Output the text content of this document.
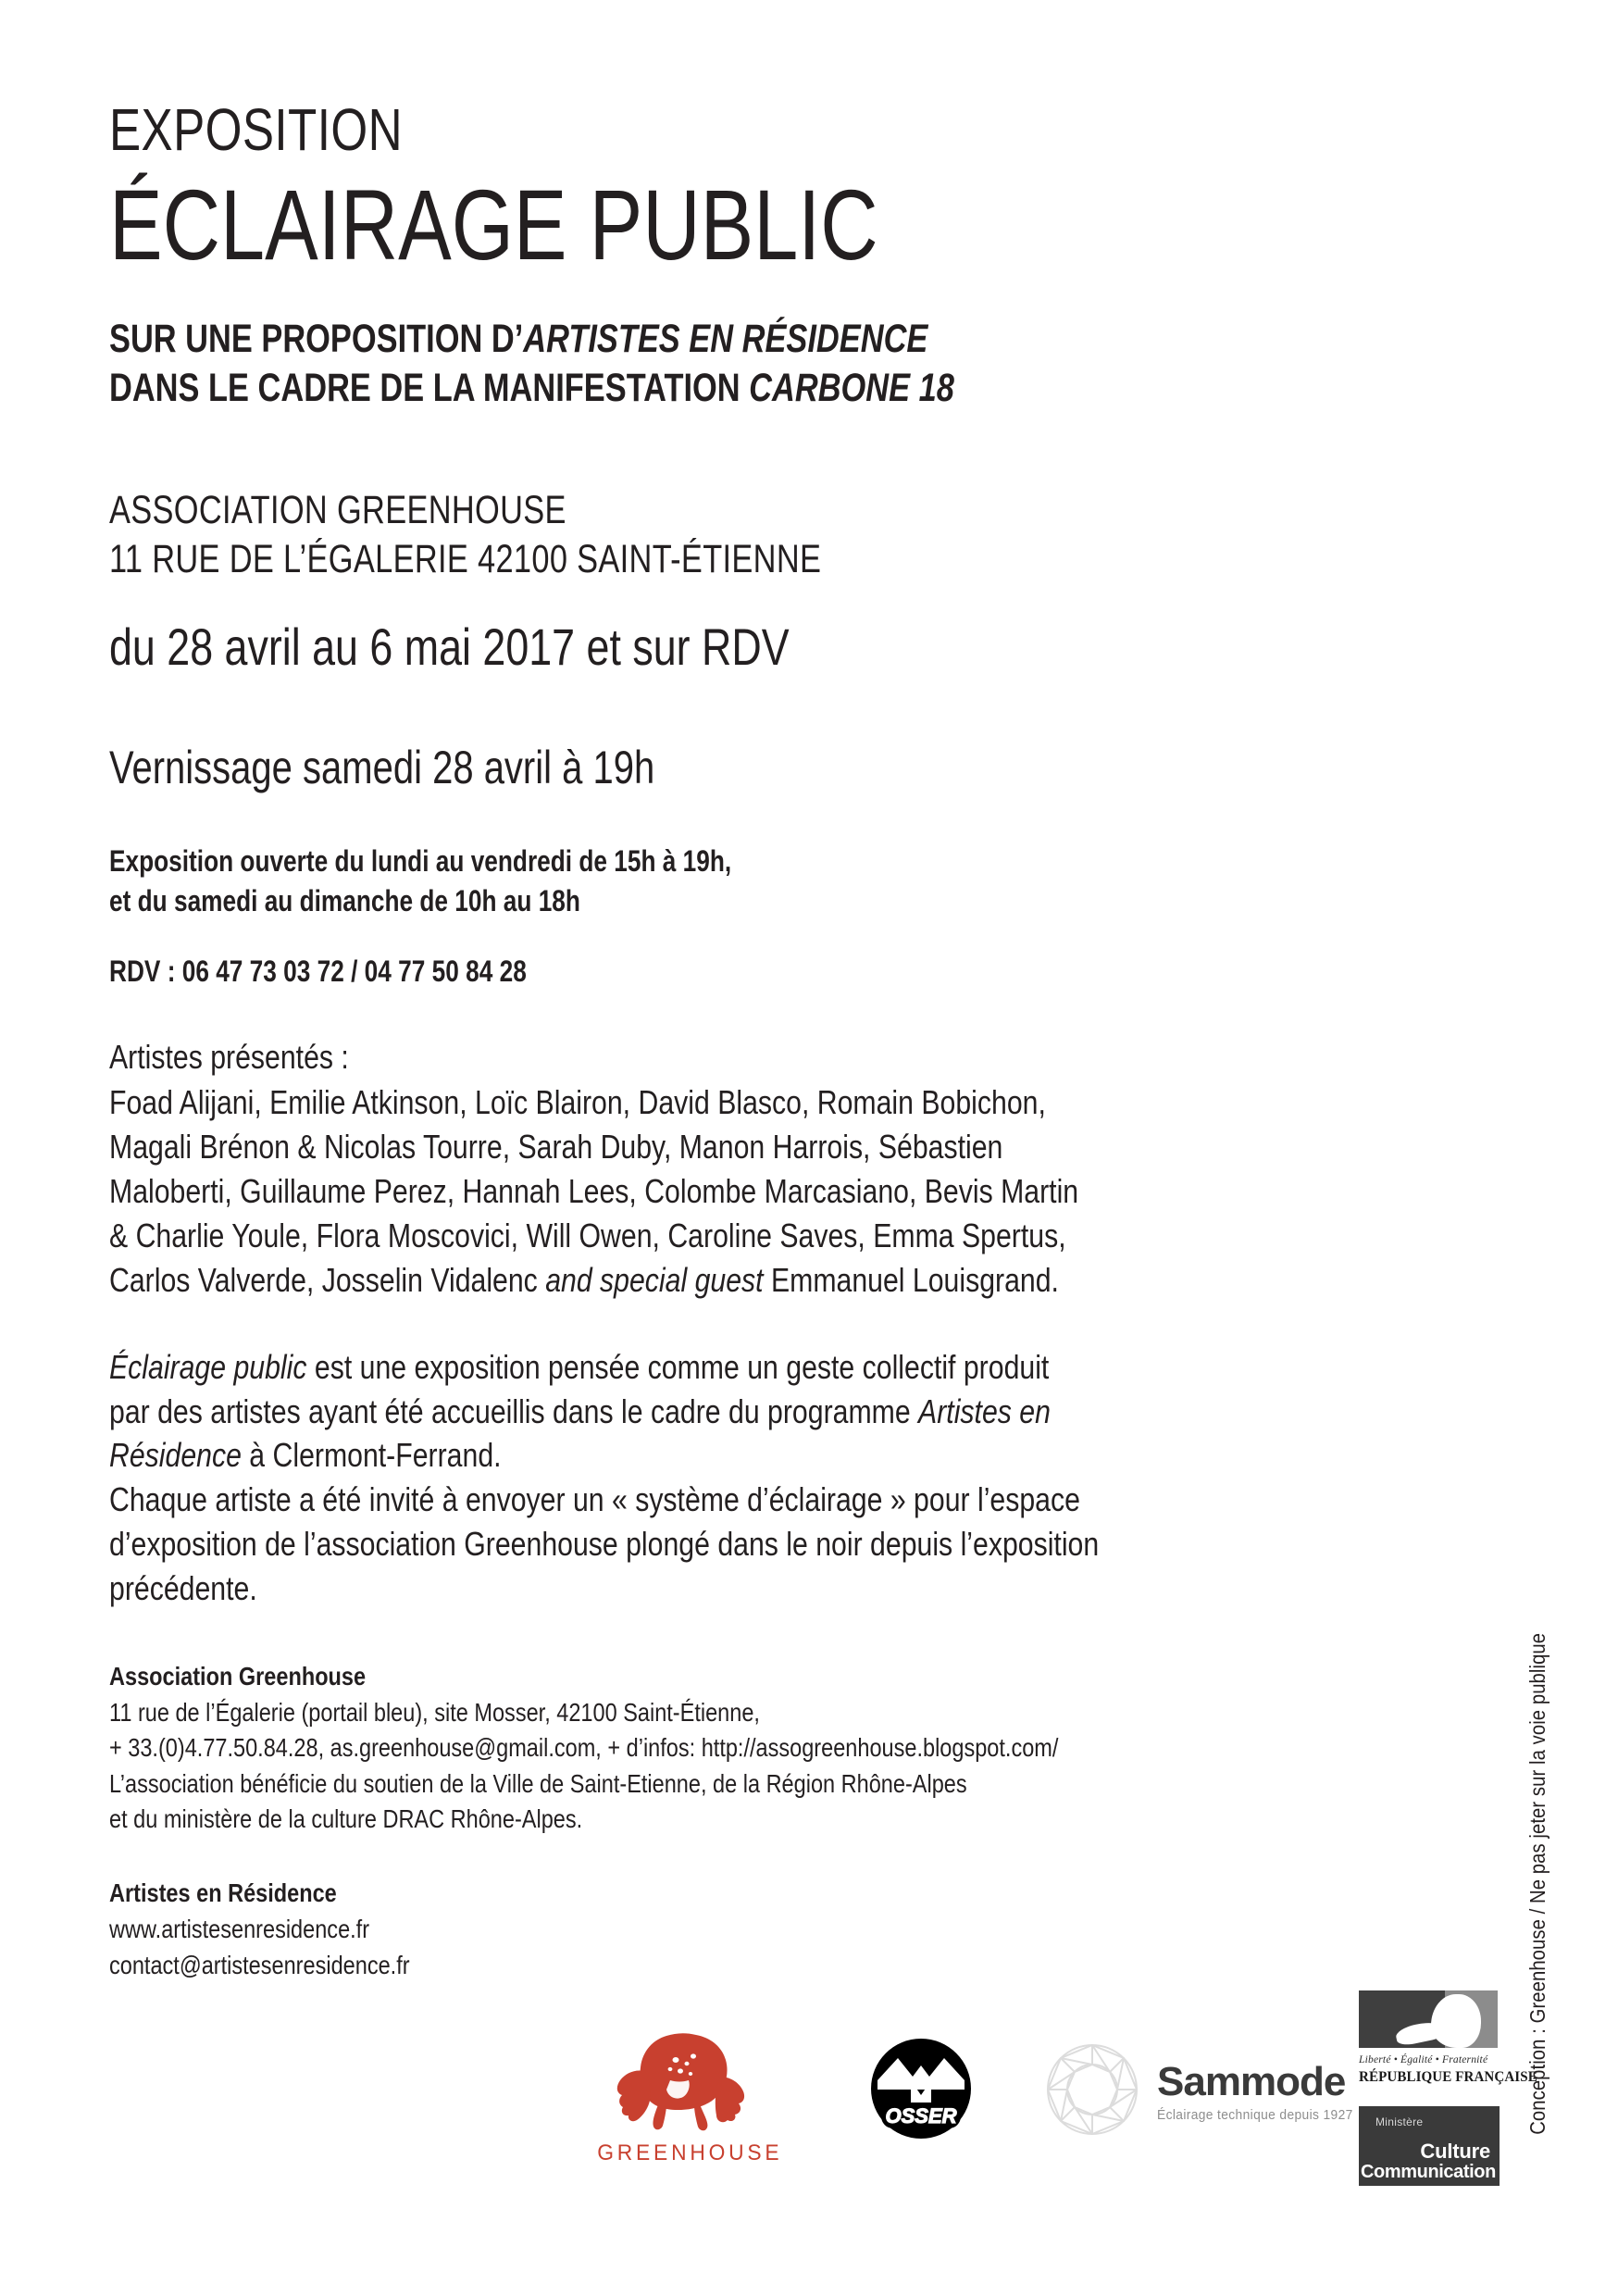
EXPOSITION
ÉCLAIRAGE PUBLIC
SUR UNE PROPOSITION D’ARTISTES EN RÉSIDENCE
DANS LE CADRE DE LA MANIFESTATION CARBONE 18
ASSOCIATION GREENHOUSE
11 RUE DE L’ÉGALERIE 42100 SAINT-ÉTIENNE
du 28 avril au 6 mai 2017 et sur RDV
Vernissage samedi 28 avril à 19h
Exposition ouverte du lundi au vendredi de 15h à 19h,
et du samedi au dimanche de 10h au 18h
RDV : 06 47 73 03 72 / 04 77 50 84 28
Artistes présentés :
Foad Alijani, Emilie Atkinson, Loïc Blairon, David Blasco, Romain Bobichon,
Magali Brénon & Nicolas Tourre, Sarah Duby, Manon Harrois, Sébastien
Maloberti, Guillaume Perez, Hannah Lees, Colombe Marcasiano, Bevis Martin
& Charlie Youle, Flora Moscovici, Will Owen, Caroline Saves, Emma Spertus,
Carlos Valverde, Josselin Vidalenc and special guest Emmanuel Louisgrand.
Éclairage public est une exposition pensée comme un geste collectif produit
par des artistes ayant été accueillis dans le cadre du programme Artistes en
Résidence à Clermont-Ferrand.
Chaque artiste a été invité à envoyer un « système d’éclairage » pour l’espace
d’exposition de l’association Greenhouse plongé dans le noir depuis l’exposition
précédente.
Association Greenhouse
11 rue de l’Égalerie (portail bleu), site Mosser, 42100 Saint-Étienne,
+ 33.(0)4.77.50.84.28, as.greenhouse@gmail.com, + d’infos: http://assogreenhouse.blogspot.com/
L’association bénéficie du soutien de la Ville de Saint-Etienne, de la Région Rhône-Alpes
et du ministère de la culture DRAC Rhône-Alpes.
Artistes en Résidence
www.artistesenresidence.fr
contact@artistesenresidence.fr
GREENHOUSE
OSSER
Sammode
Éclairage technique depuis 1927
Liberté • Égalité • Fraternité
RÉPUBLIQUE FRANÇAISE
Ministère
Culture
Communication
Conception : Greenhouse / Ne pas jeter sur la voie publique
